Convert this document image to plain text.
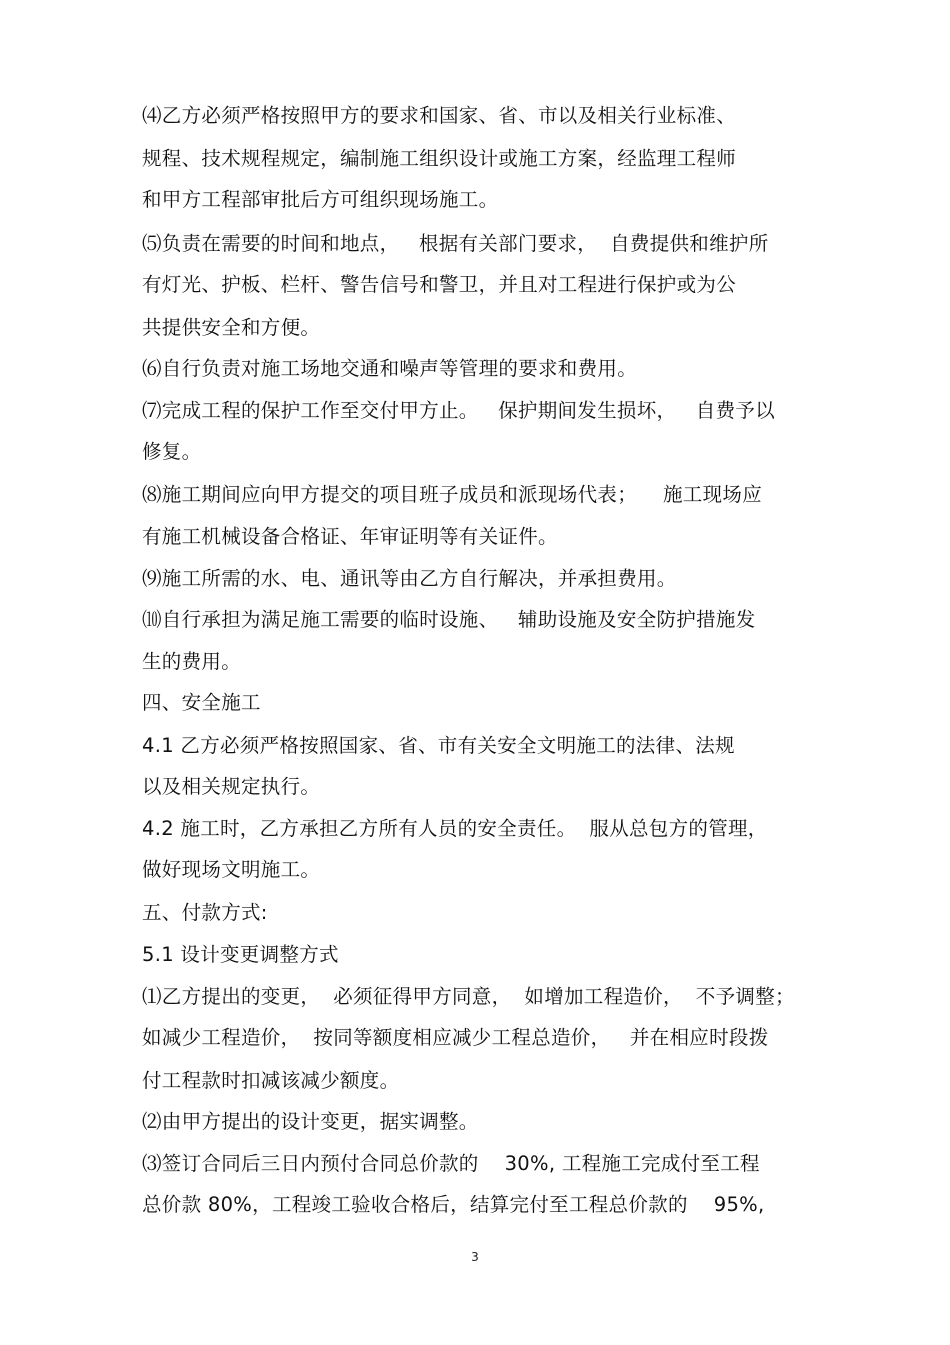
⑷乙方必须严格按照甲方的要求和国家、省、市以及相关行业标准、
规程、技术规程规定，编制施工组织设计或施工方案，经监理工程师
和甲方工程部审批后方可组织现场施工。
⑸负责在需要的时间和地点，   根据有关部门要求，  自费提供和维护所
有灯光、护板、栏杆、警告信号和警卫，并且对工程进行保护或为公
共提供安全和方便。
⑹自行负责对施工场地交通和噪声等管理的要求和费用。
⑺完成工程的保护工作至交付甲方止。   保护期间发生损坏，   自费予以
修复。
⑻施工期间应向甲方提交的项目班子成员和派现场代表；    施工现场应
有施工机械设备合格证、年审证明等有关证件。
⑼施工所需的水、电、通讯等由乙方自行解决，并承担费用。
⑽自行承担为满足施工需要的临时设施、   辅助设施及安全防护措施发
生的费用。
四、安全施工
4.1 乙方必须严格按照国家、省、市有关安全文明施工的法律、法规
以及相关规定执行。
4.2 施工时，乙方承担乙方所有人员的安全责任。  服从总包方的管理，
做好现场文明施工。
五、付款方式:
5.1 设计变更调整方式
⑴乙方提出的变更，  必须征得甲方同意，  如增加工程造价，  不予调整；
如减少工程造价，  按同等额度相应减少工程总造价，   并在相应时段拨
付工程款时扣减该减少额度。
⑵由甲方提出的设计变更，据实调整。
⑶签订合同后三日内预付合同总价款的    30%, 工程施工完成付至工程
总价款 80%，工程竣工验收合格后，结算完付至工程总价款的    95%,
3
